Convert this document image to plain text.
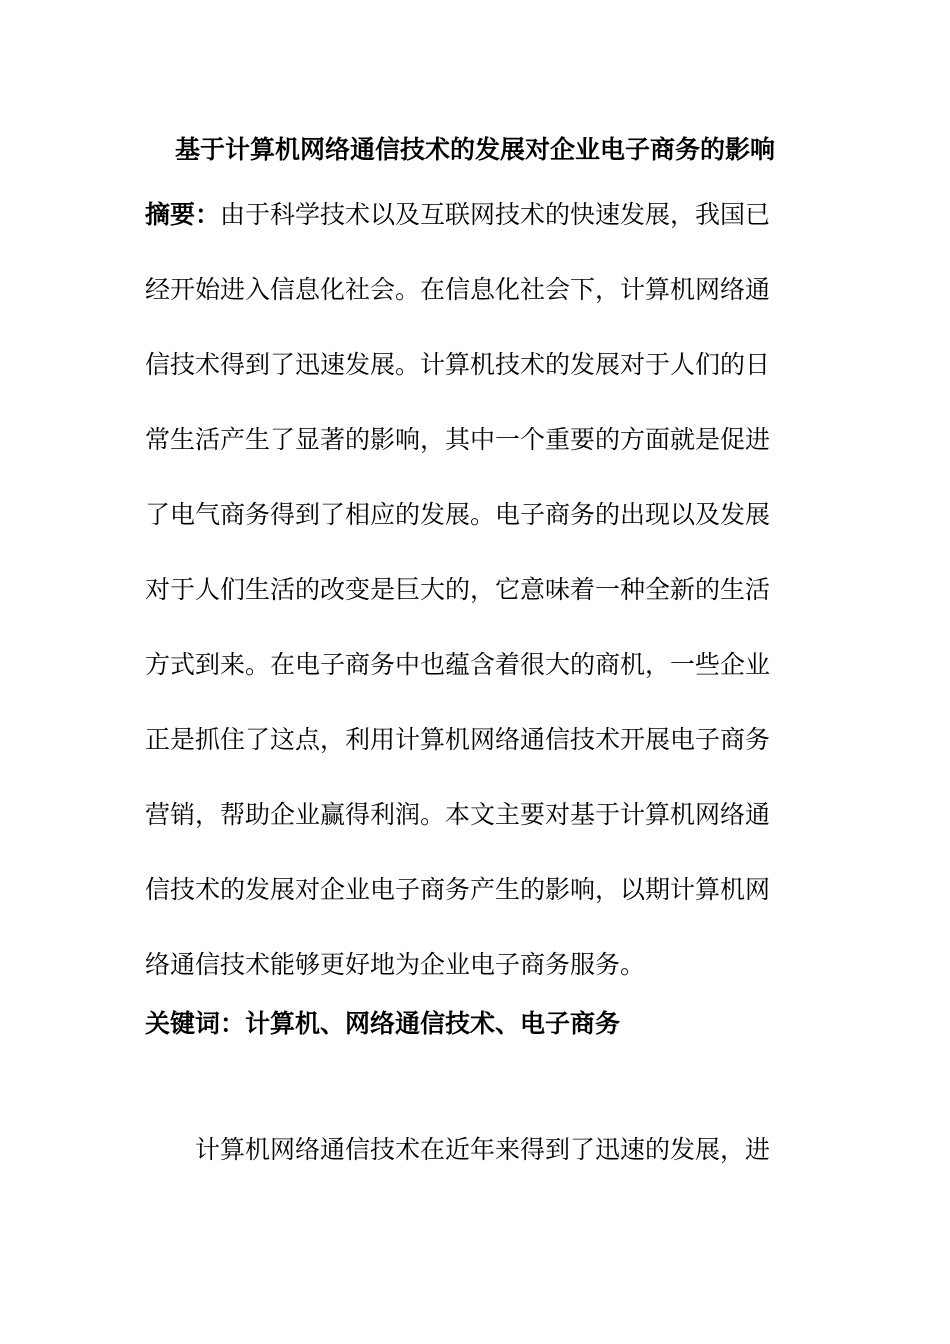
基于计算机网络通信技术的发展对企业电子商务的影响
摘要：由于科学技术以及互联网技术的快速发展，我国已
经开始进入信息化社会。在信息化社会下，计算机网络通
信技术得到了迅速发展。计算机技术的发展对于人们的日
常生活产生了显著的影响，其中一个重要的方面就是促进
了电气商务得到了相应的发展。电子商务的出现以及发展
对于人们生活的改变是巨大的，它意味着一种全新的生活
方式到来。在电子商务中也蕴含着很大的商机，一些企业
正是抓住了这点，利用计算机网络通信技术开展电子商务
营销，帮助企业赢得利润。本文主要对基于计算机网络通
信技术的发展对企业电子商务产生的影响，以期计算机网
络通信技术能够更好地为企业电子商务服务。
关键词：计算机、网络通信技术、电子商务
计算机网络通信技术在近年来得到了迅速的发展，进
